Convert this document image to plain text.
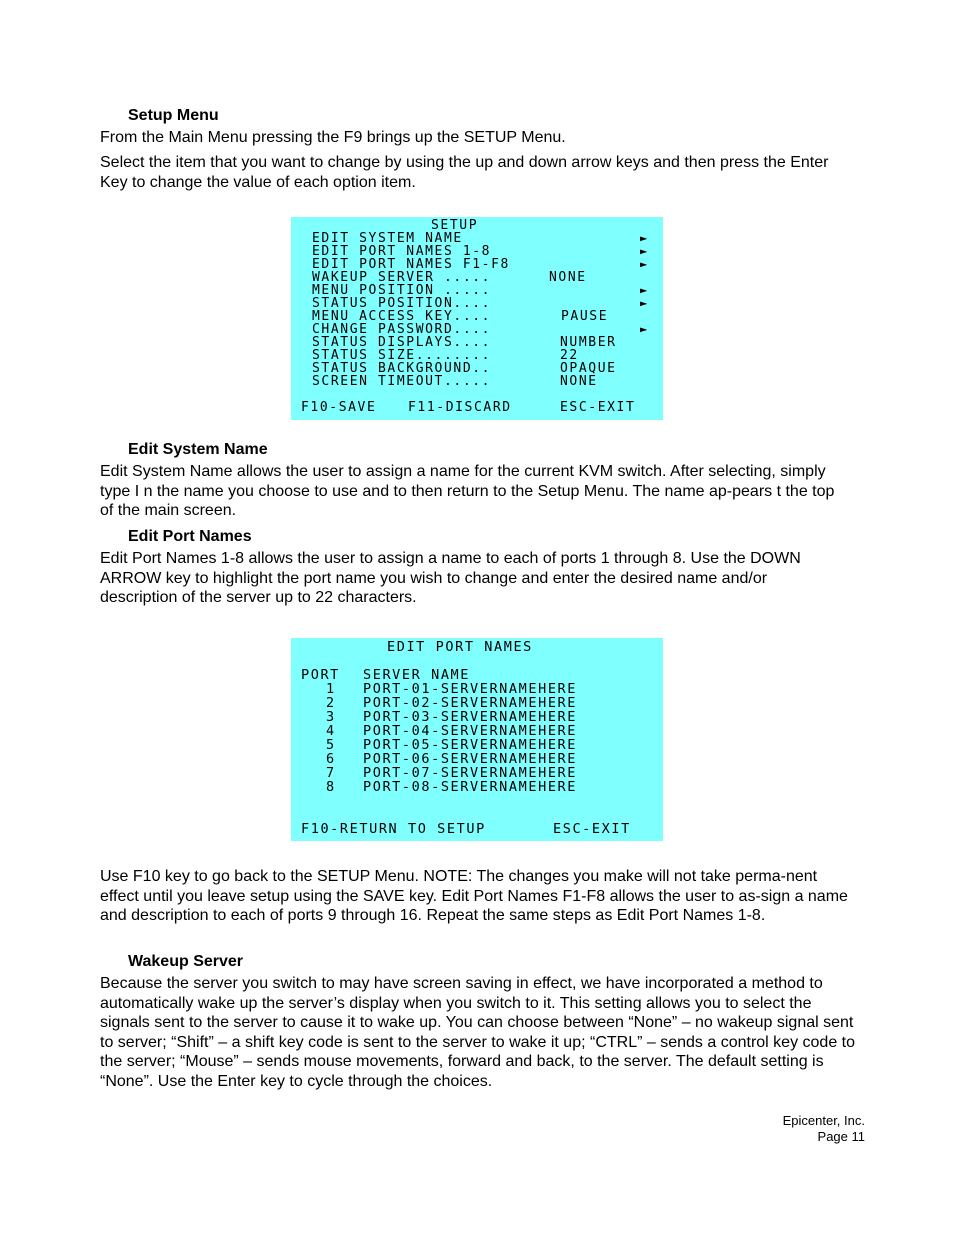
Setup Menu
From the Main Menu pressing the F9 brings up the SETUP Menu.
Select the item that you want to change by using the up and down arrow keys and then press the Enter Key to change the value of each option item.
SETUP
EDIT SYSTEM NAME	►
EDIT PORT NAMES 1-8	►
EDIT PORT NAMES F1-F8	►
WAKEUP SERVER .....	NONE
MENU POSITION .....	►
STATUS POSITION....	►
MENU ACCESS KEY....	PAUSE
CHANGE PASSWORD....	►
STATUS DISPLAYS....	NUMBER
STATUS SIZE........	22
STATUS BACKGROUND..	OPAQUE
SCREEN TIMEOUT.....	NONE
F10-SAVE F11-DISCARD	ESC-EXIT
Edit System Name
Edit System Name allows the user to assign a name for the current KVM switch. After selecting, simply type I n the name you choose to use and to then return to the Setup Menu. The name ap-pears t the top of the main screen.
Edit Port Names
Edit Port Names 1-8 allows the user to assign a name to each of ports 1 through 8. Use the DOWN ARROW key to highlight the port name you wish to change and enter the desired name and/or description of the server up to 22 characters.
EDIT PORT NAMES
PORT SERVER NAME
1 PORT-01-SERVERNAMEHERE
2 PORT-02-SERVERNAMEHERE
3 PORT-03-SERVERNAMEHERE
4 PORT-04-SERVERNAMEHERE
5 PORT-05-SERVERNAMEHERE
6 PORT-06-SERVERNAMEHERE
7 PORT-07-SERVERNAMEHERE
8 PORT-08-SERVERNAMEHERE
F10-RETURN TO SETUP	ESC-EXIT
Use F10 key to go back to the SETUP Menu. NOTE: The changes you make will not take perma-nent effect until you leave setup using the SAVE key. Edit Port Names F1-F8 allows the user to as-sign a name and description to each of ports 9 through 16. Repeat the same steps as Edit Port Names 1-8.
Wakeup Server
Because the server you switch to may have screen saving in effect, we have incorporated a method to automatically wake up the server’s display when you switch to it. This setting allows you to select the signals sent to the server to cause it to wake up. You can choose between “None” – no wakeup signal sent to server; “Shift” – a shift key code is sent to the server to wake it up; “CTRL” – sends a control key code to the server; “Mouse” – sends mouse movements, forward and back, to the server. The default setting is “None”. Use the Enter key to cycle through the choices.
Epicenter, Inc.
Page 11
